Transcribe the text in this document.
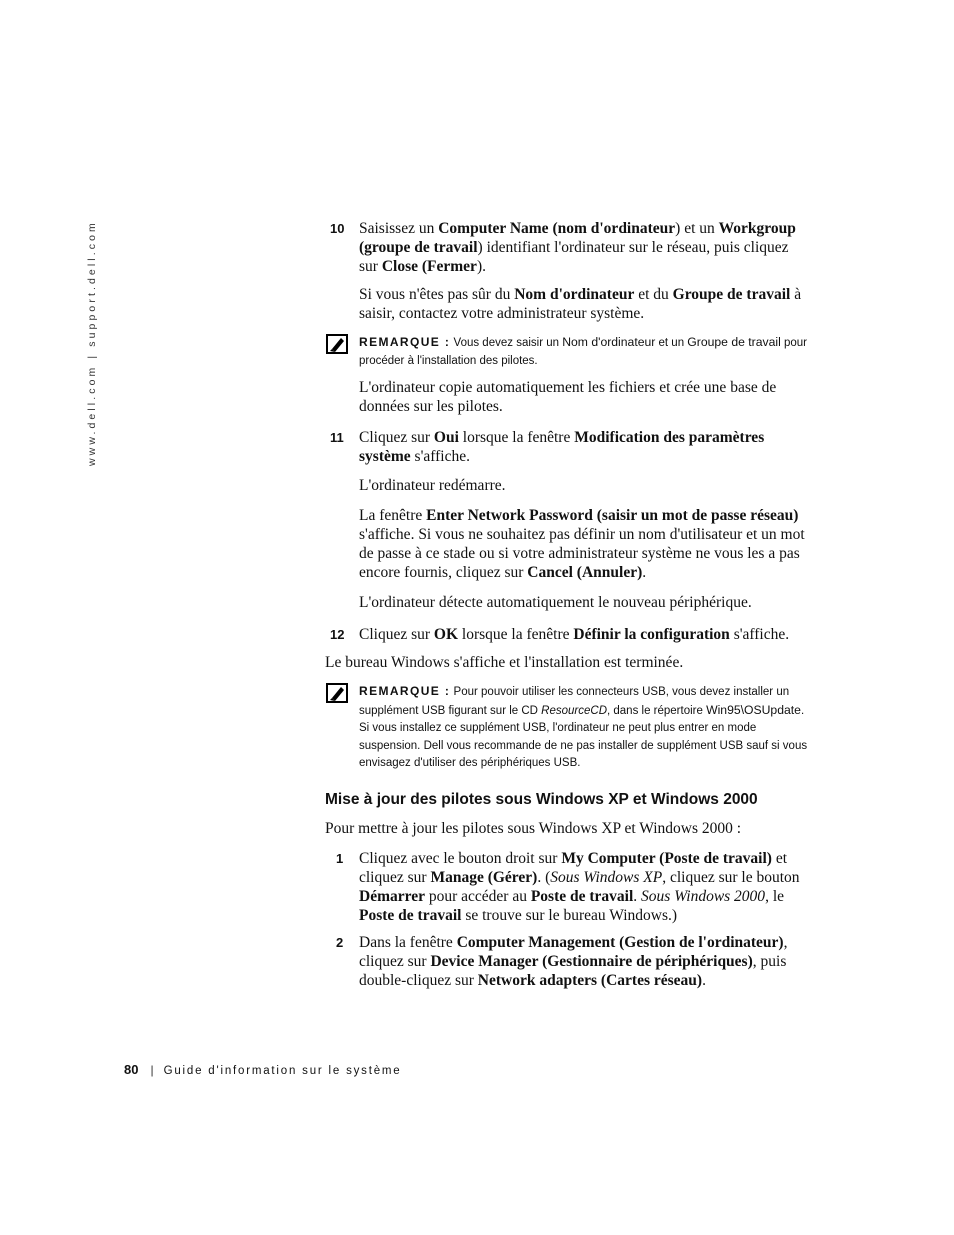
www.dell.com | support.dell.com	10 Saisissez un Computer Name (nom d'ordinateur) et un Workgroup (groupe de travail) identifiant l'ordinateur sur le réseau, puis cliquez sur Close (Fermer).
Si vous n'êtes pas sûr du Nom d'ordinateur et du Groupe de travail à saisir, contactez votre administrateur système.
REMARQUE : Vous devez saisir un Nom d'ordinateur et un Groupe de travail pour procéder à l'installation des pilotes.
L'ordinateur copie automatiquement les fichiers et crée une base de données sur les pilotes.
11 Cliquez sur Oui lorsque la fenêtre Modification des paramètres système s'affiche.
L'ordinateur redémarre.
La fenêtre Enter Network Password (saisir un mot de passe réseau) s'affiche. Si vous ne souhaitez pas définir un nom d'utilisateur et un mot de passe à ce stade ou si votre administrateur système ne vous les a pas encore fournis, cliquez sur Cancel (Annuler).
L'ordinateur détecte automatiquement le nouveau périphérique.
12 Cliquez sur OK lorsque la fenêtre Définir la configuration s'affiche.
Le bureau Windows s'affiche et l'installation est terminée.
REMARQUE : Pour pouvoir utiliser les connecteurs USB, vous devez installer un supplément USB figurant sur le CD ResourceCD, dans le répertoire Win95\OSUpdate. Si vous installez ce supplément USB, l'ordinateur ne peut plus entrer en mode suspension. Dell vous recommande de ne pas installer de supplément USB sauf si vous envisagez d'utiliser des périphériques USB.
Mise à jour des pilotes sous Windows XP et Windows 2000
Pour mettre à jour les pilotes sous Windows XP et Windows 2000 :
1 Cliquez avec le bouton droit sur My Computer (Poste de travail) et cliquez sur Manage (Gérer). (Sous Windows XP, cliquez sur le bouton Démarrer pour accéder au Poste de travail. Sous Windows 2000, le Poste de travail se trouve sur le bureau Windows.)
2 Dans la fenêtre Computer Management (Gestion de l'ordinateur), cliquez sur Device Manager (Gestionnaire de périphériques), puis double-cliquez sur Network adapters (Cartes réseau).
80 | Guide d'information sur le système
